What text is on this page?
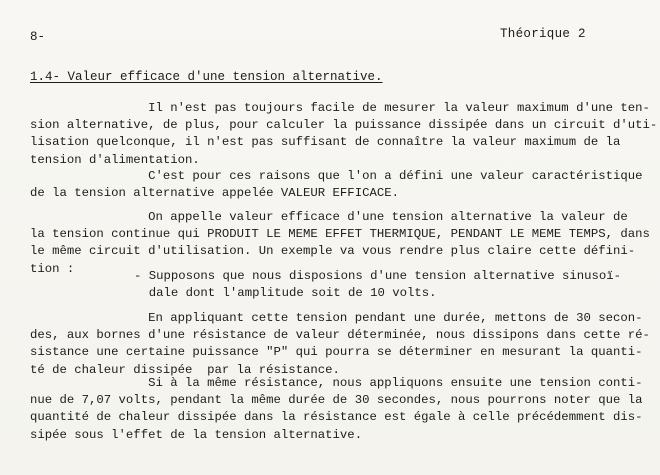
8-	Théorique 2
1.4- Valeur efficace d'une tension alternative.
Il n'est pas toujours facile de mesurer la valeur maximum d'une ten-
sion alternative, de plus, pour calculer la puissance dissipée dans un circuit d'uti-
lisation quelconque, il n'est pas suffisant de connaître la valeur maximum de la
tension d'alimentation.
C'est pour ces raisons que l'on a défini une valeur caractéristique
de la tension alternative appelée VALEUR EFFICACE.
On appelle valeur efficace d'une tension alternative la valeur de
la tension continue qui PRODUIT LE MEME EFFET THERMIQUE, PENDANT LE MEME TEMPS, dans
le même circuit d'utilisation. Un exemple va vous rendre plus claire cette défini-
tion :
- Supposons que nous disposions d'une tension alternative sinusoï-
dale dont l'amplitude soit de 10 volts.
En appliquant cette tension pendant une durée, mettons de 30 secon-
des, aux bornes d'une résistance de valeur déterminée, nous dissipons dans cette ré-
sistance une certaine puissance "P" qui pourra se déterminer en mesurant la quanti-
té de chaleur dissipée  par la résistance.
Si à la même résistance, nous appliquons ensuite une tension conti-
nue de 7,07 volts, pendant la même durée de 30 secondes, nous pourrons noter que la
quantité de chaleur dissipée dans la résistance est égale à celle précédemment dis-
sipée sous l'effet de la tension alternative.
